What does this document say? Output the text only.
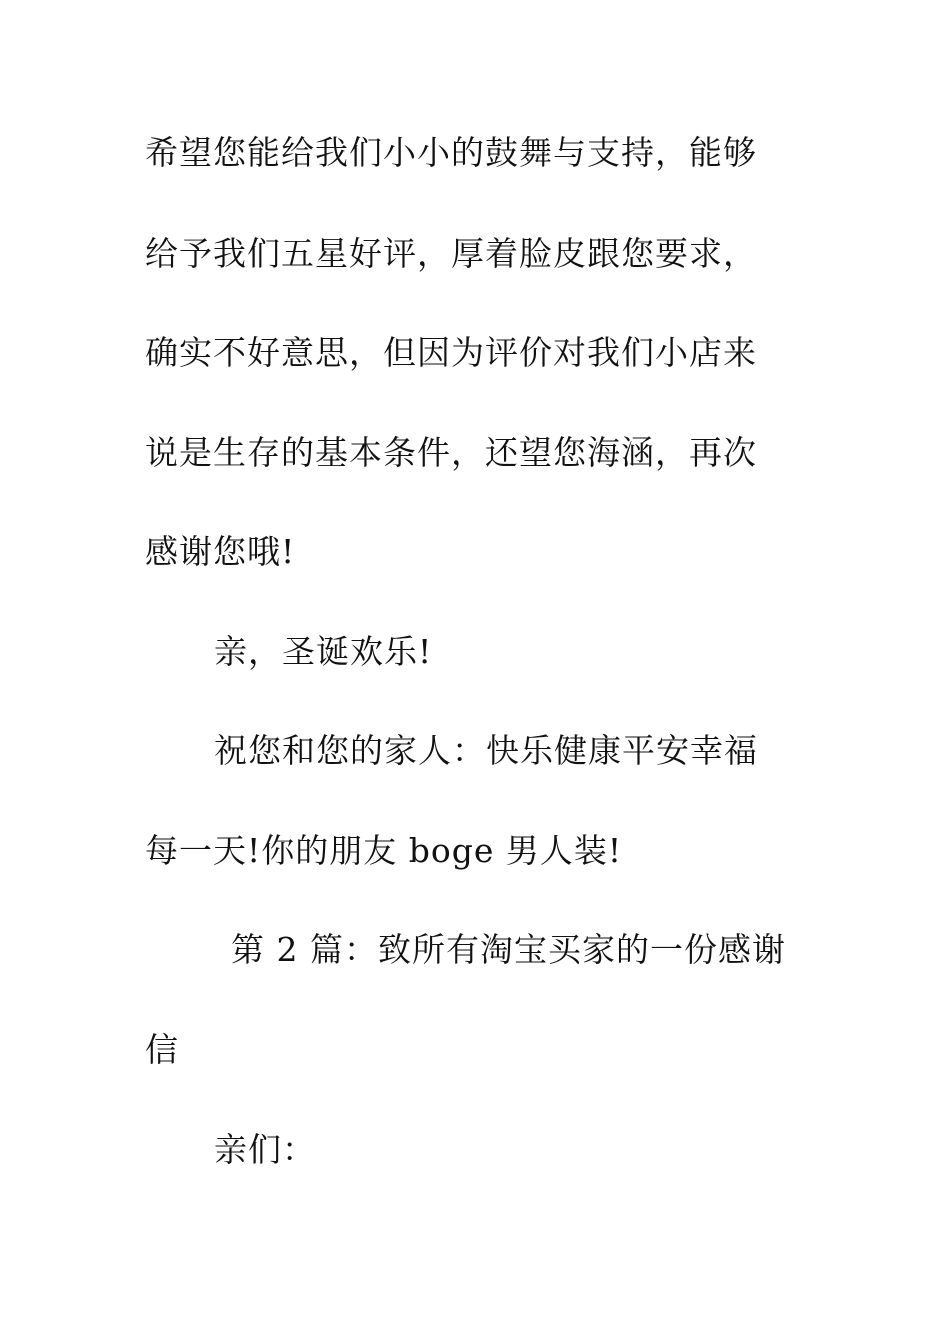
希望您能给我们小小的鼓舞与支持，能够
给予我们五星好评，厚着脸皮跟您要求，
确实不好意思，但因为评价对我们小店来
说是生存的基本条件，还望您海涵，再次
感谢您哦!
亲，圣诞欢乐!
祝您和您的家人：快乐健康平安幸福
每一天!你的朋友 boge 男人装!
第 2 篇：致所有淘宝买家的一份感谢
信
亲们：
